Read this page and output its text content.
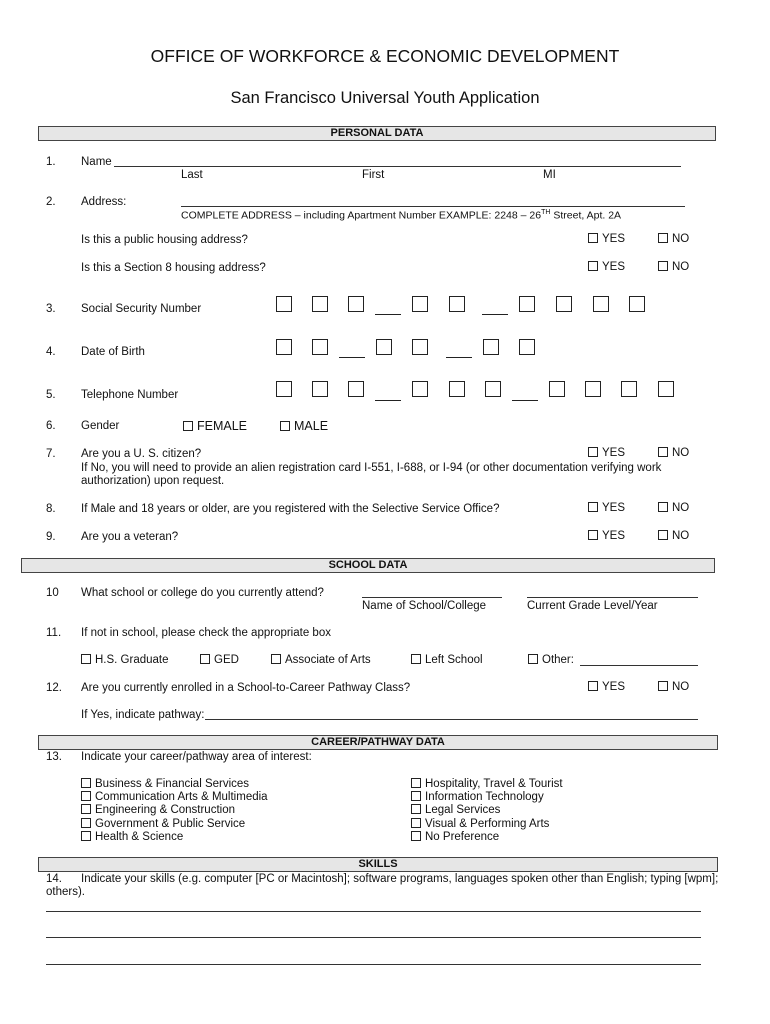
OFFICE OF WORKFORCE & ECONOMIC DEVELOPMENT
San Francisco Universal Youth Application
PERSONAL DATA
1. Name
Last	First	MI
2. Address:
COMPLETE ADDRESS – including Apartment Number EXAMPLE: 2248 – 26TH Street, Apt. 2A
Is this a public housing address?	YES	NO
Is this a Section 8 housing address?	YES	NO
3. Social Security Number
4. Date of Birth
5. Telephone Number
6. Gender	FEMALE	MALE
7. Are you a U. S. citizen?	YES	NO
If No, you will need to provide an alien registration card I-551, I-688, or I-94 (or other documentation verifying work
authorization) upon request.
8. If Male and 18 years or older, are you registered with the Selective Service Office?	YES	NO
9. Are you a veteran?	YES	NO
SCHOOL DATA
10 What school or college do you currently attend?
Name of School/College	Current Grade Level/Year
11. If not in school, please check the appropriate box
H.S. Graduate	GED	Associate of Arts	Left School	Other:
12. Are you currently enrolled in a School-to-Career Pathway Class?	YES	NO
If Yes, indicate pathway:
CAREER/PATHWAY DATA
13. Indicate your career/pathway area of interest:
Business & Financial Services
Communication Arts & Multimedia
Engineering & Construction
Government & Public Service
Health & Science
Hospitality, Travel & Tourist
Information Technology
Legal Services
Visual & Performing Arts
No Preference
SKILLS
14. Indicate your skills (e.g. computer [PC or Macintosh]; software programs, languages spoken other than English; typing [wpm];
others).
